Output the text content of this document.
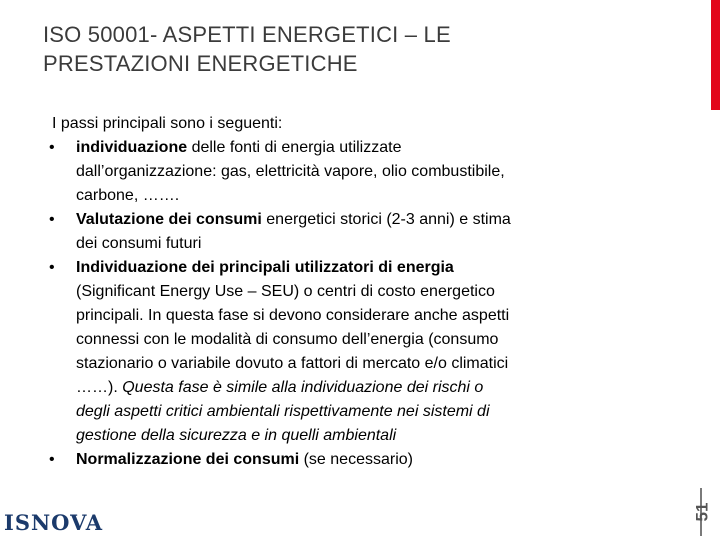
ISO 50001- ASPETTI ENERGETICI – LE
PRESTAZIONI ENERGETICHE

I passi principali sono i seguenti:

• individuazione delle fonti di energia utilizzate
dall’organizzazione: gas, elettricità vapore, olio combustibile,
carbone, …….
• Valutazione dei consumi energetici storici (2-3 anni) e stima
dei consumi futuri
• Individuazione dei principali utilizzatori di energia
(Significant Energy Use – SEU) o centri di costo energetico
principali. In questa fase si devono considerare anche aspetti
connessi con le modalità di consumo dell’energia (consumo
stazionario o variabile dovuto a fattori di mercato e/o climatici
……). Questa fase è simile alla individuazione dei rischi o
degli aspetti critici ambientali rispettivamente nei sistemi di
gestione della sicurezza e in quelli ambientali
• Normalizzazione dei consumi (se necessario)
51
ISNOVA
